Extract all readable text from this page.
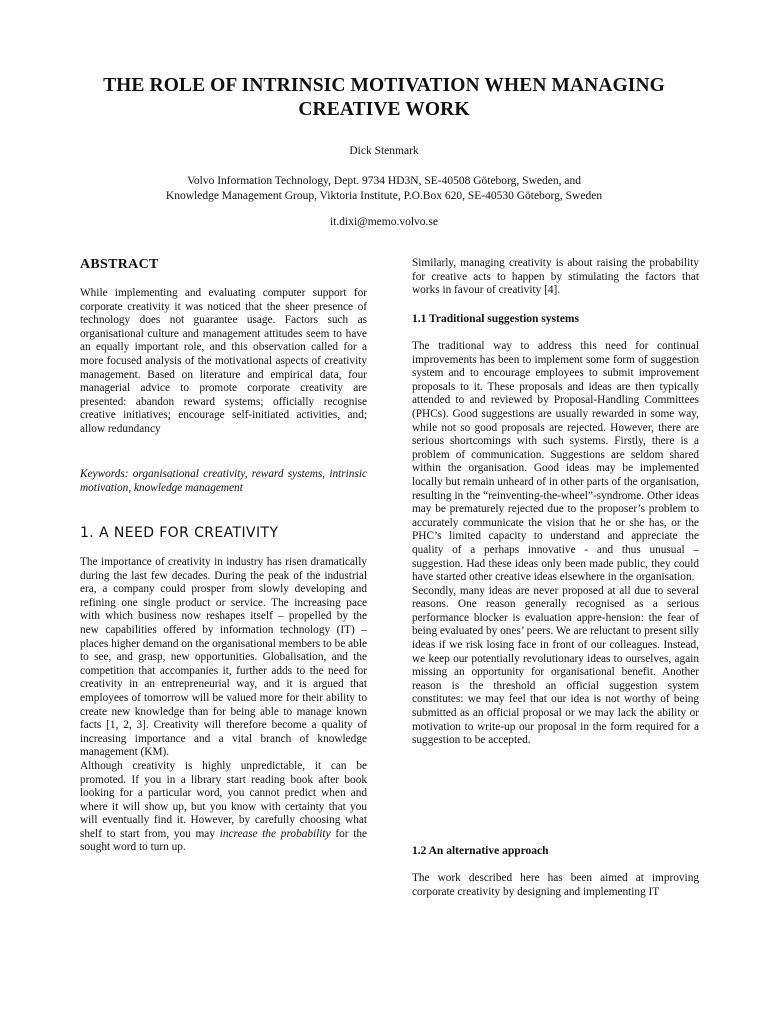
THE ROLE OF INTRINSIC MOTIVATION WHEN MANAGING
CREATIVE WORK
Dick Stenmark
Volvo Information Technology, Dept. 9734 HD3N, SE-40508 Göteborg, Sweden, and
Knowledge Management Group, Viktoria Institute, P.O.Box 620, SE-40530 Göteborg, Sweden
it.dixi@memo.volvo.se
ABSTRACT

While implementing and evaluating computer support for corporate creativity it was noticed that the sheer presence of technology does not guarantee usage. Factors such as organisational culture and management attitudes seem to have an equally important role, and this observation called for a more focused analysis of the motivational aspects of creativity management. Based on literature and empirical data, four managerial advice to promote corporate creativity are presented: abandon reward systems; officially recognise creative initiatives; encourage self-initiated activities, and; allow redundancy

Keywords: organisational creativity, reward systems, intrinsic motivation, knowledge management

1. A NEED FOR CREATIVITY

The importance of creativity in industry has risen dramatically during the last few decades. During the peak of the industrial era, a company could prosper from slowly developing and refining one single product or service. The increasing pace with which business now reshapes itself – propelled by the new capabilities offered by information technology (IT) – places higher demand on the organisational members to be able to see, and grasp, new opportunities. Globalisation, and the competition that accompanies it, further adds to the need for creativity in an entrepreneurial way, and it is argued that employees of tomorrow will be valued more for their ability to create new knowledge than for being able to manage known facts [1, 2, 3]. Creativity will therefore become a quality of increasing importance and a vital branch of knowledge management (KM).

Although creativity is highly unpredictable, it can be promoted. If you in a library start reading book after book looking for a particular word, you cannot predict when and where it will show up, but you know with certainty that you will eventually find it. However, by carefully choosing what shelf to start from, you may increase the probability for the sought word to turn up.

Similarly, managing creativity is about raising the probability for creative acts to happen by stimulating the factors that works in favour of creativity [4].

1.1 Traditional suggestion systems

The traditional way to address this need for continual improvements has been to implement some form of suggestion system and to encourage employees to submit improvement proposals to it. These proposals and ideas are then typically attended to and reviewed by Proposal-Handling Committees (PHCs). Good suggestions are usually rewarded in some way, while not so good proposals are rejected. However, there are serious shortcomings with such systems. Firstly, there is a problem of communication. Suggestions are seldom shared within the organisation. Good ideas may be implemented locally but remain unheard of in other parts of the organisation, resulting in the “reinventing-the-wheel”-syndrome. Other ideas may be prematurely rejected due to the proposer’s problem to accurately communicate the vision that he or she has, or the PHC’s limited capacity to understand and appreciate the quality of a perhaps innovative - and thus unusual – suggestion. Had these ideas only been made public, they could have started other creative ideas elsewhere in the organisation.

Secondly, many ideas are never proposed at all due to several reasons. One reason generally recognised as a serious performance blocker is evaluation appre-hension: the fear of being evaluated by ones’ peers. We are reluctant to present silly ideas if we risk losing face in front of our colleagues. Instead, we keep our potentially revolutionary ideas to ourselves, again missing an opportunity for organisational benefit. Another reason is the threshold an official suggestion system constitutes: we may feel that our idea is not worthy of being submitted as an official proposal or we may lack the ability or motivation to write-up our proposal in the form required for a suggestion to be accepted.

1.2 An alternative approach

The work described here has been aimed at improving corporate creativity by designing and implementing IT
